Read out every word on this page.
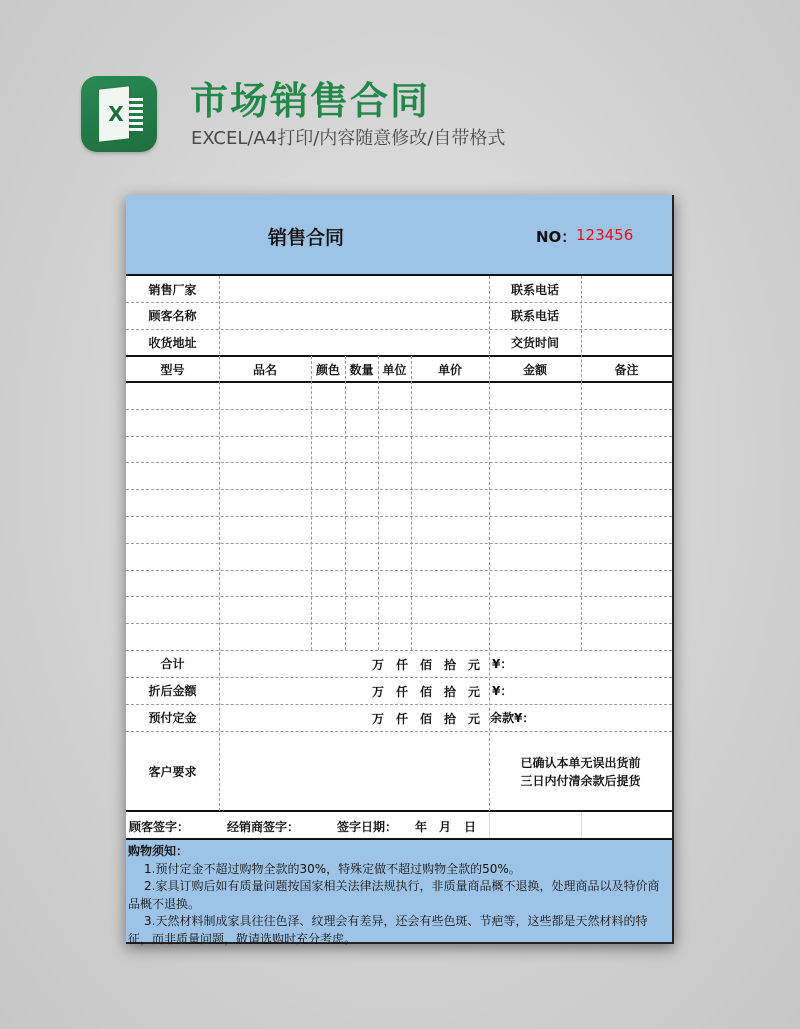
X 市场销售合同
EXCEL/A4打印/内容随意修改/自带格式
销售合同	NO： 123456
销售厂家	联系电话
顾客名称	联系电话
收货地址	交货时间
型号	品名	颜色 数量 单位	单价	金额	备注
合计	万 仟 佰 拾 元	¥：
折后金额	万 仟 佰 拾 元	¥：
预付定金	万 仟 佰 拾 元 余款¥：
客户要求
已确认本单无误出货前
三日内付清余款后提货
顾客签字：	经销商签字：	签字日期： 年 月 日

购物须知：

1.预付定金不超过购物全款的30%，特殊定做不超过购物全款的50%。

2.家具订购后如有质量问题按国家相关法律法规执行，非质量商品概不退换，处理商品以及特价商品概不退换。

3.天然材料制成家具往往色泽、纹理会有差异，还会有些色斑、节疤等，这些都是天然材料的特征，而非质量问题，敬请选购时充分考虑。
